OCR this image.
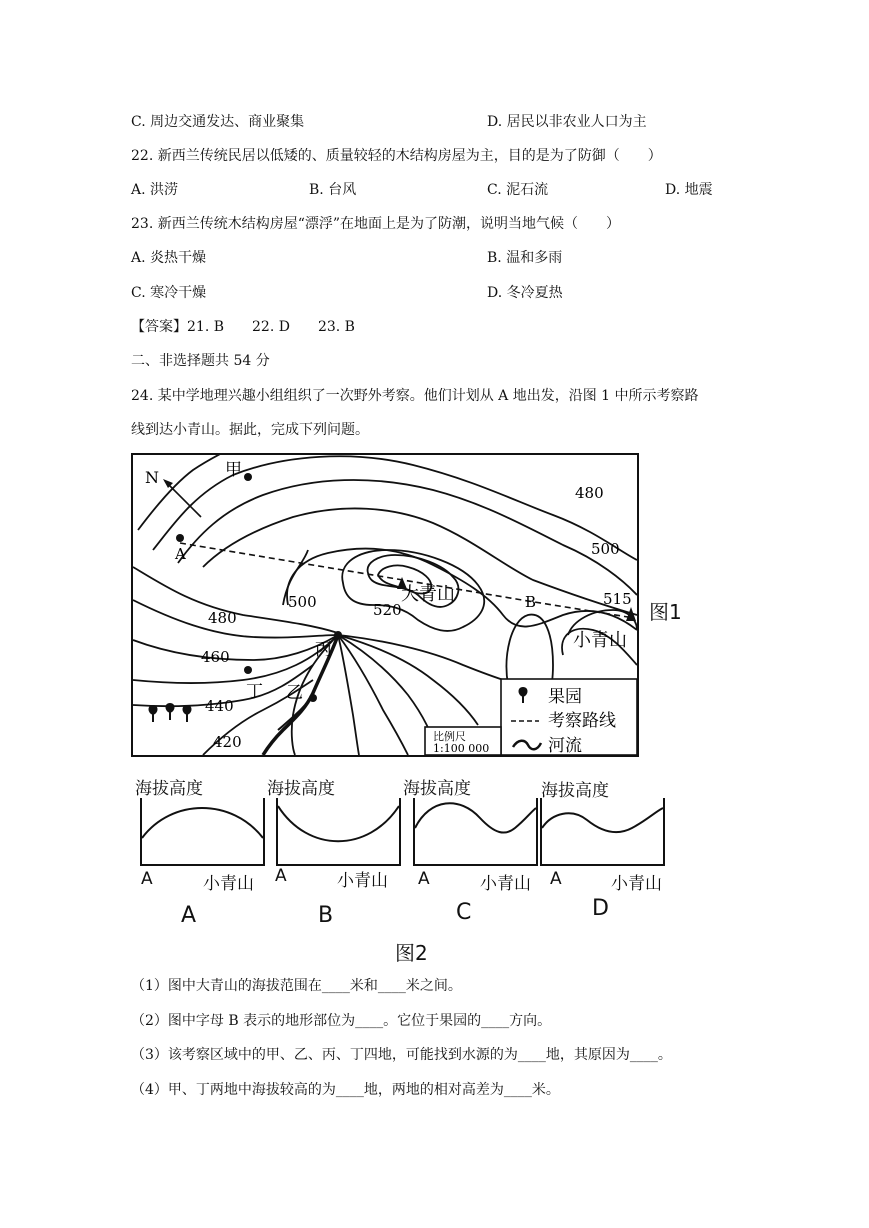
C. 周边交通发达、商业聚集	D. 居民以非农业人口为主
22. 新西兰传统民居以低矮的、质量较轻的木结构房屋为主，目的是为了防御（　　）
A. 洪涝	B. 台风	C. 泥石流	D. 地震
23. 新西兰传统木结构房屋“漂浮”在地面上是为了防潮，说明当地气候（　　）
A. 炎热干燥	B. 温和多雨
C. 寒冷干燥	D. 冬冷夏热
【答案】21. B　　22. D　　23. B
二、非选择题共 54 分
24. 某中学地理兴趣小组组织了一次野外考察。他们计划从 A 地出发，沿图 1 中所示考察路
线到达小青山。据此，完成下列问题。
N	甲
A
大青山	B
小青山
丙
丁 乙
480
500
515
480
500	520
460
440
420
果园
考察路线
河流
比例尺
1:100 000
图1
海拔高度
A	小青山
A
海拔高度
A	小青山
B
海拔高度
A	小青山
C
海拔高度
A	小青山
D
图2
（1）图中大青山的海拔范围在____米和____米之间。
（2）图中字母 B 表示的地形部位为____。它位于果园的____方向。
（3）该考察区域中的甲、乙、丙、丁四地，可能找到水源的为____地，其原因为____。
（4）甲、丁两地中海拔较高的为____地，两地的相对高差为____米。
